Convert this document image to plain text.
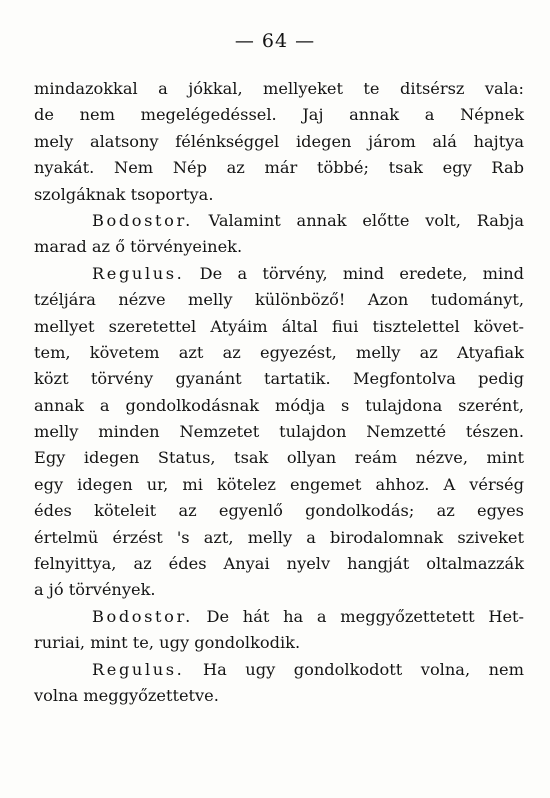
— 64 —
mindazokkal a jókkal, mellyeket te ditsérsz vala:
de nem megelégedéssel. Jaj annak a Népnek
mely alatsony félénkséggel idegen járom alá hajtya
nyakát. Nem Nép az már többé; tsak egy Rab
szolgáknak tsoportya.
Bodostor. Valamint annak előtte volt, Rabja
marad az ő törvényeinek.
Regulus. De a törvény, mind eredete, mind
tzéljára nézve melly különböző! Azon tudományt,
mellyet szeretettel Atyáim által fiui tisztelettel követ-
tem, követem azt az egyezést, melly az Atyafiak
közt törvény gyanánt tartatik. Megfontolva pedig
annak a gondolkodásnak módja s tulajdona szerént,
melly minden Nemzetet tulajdon Nemzetté tészen.
Egy idegen Status, tsak ollyan reám nézve, mint
egy idegen ur, mi kötelez engemet ahhoz. A vérség
édes köteleit az egyenlő gondolkodás; az egyes
értelmü érzést 's azt, melly a birodalomnak sziveket
felnyittya, az édes Anyai nyelv hangját oltalmazzák
a jó törvények.
Bodostor. De hát ha a meggyőzettetett Het-
ruriai, mint te, ugy gondolkodik.
Regulus. Ha ugy gondolkodott volna, nem
volna meggyőzettetve.
